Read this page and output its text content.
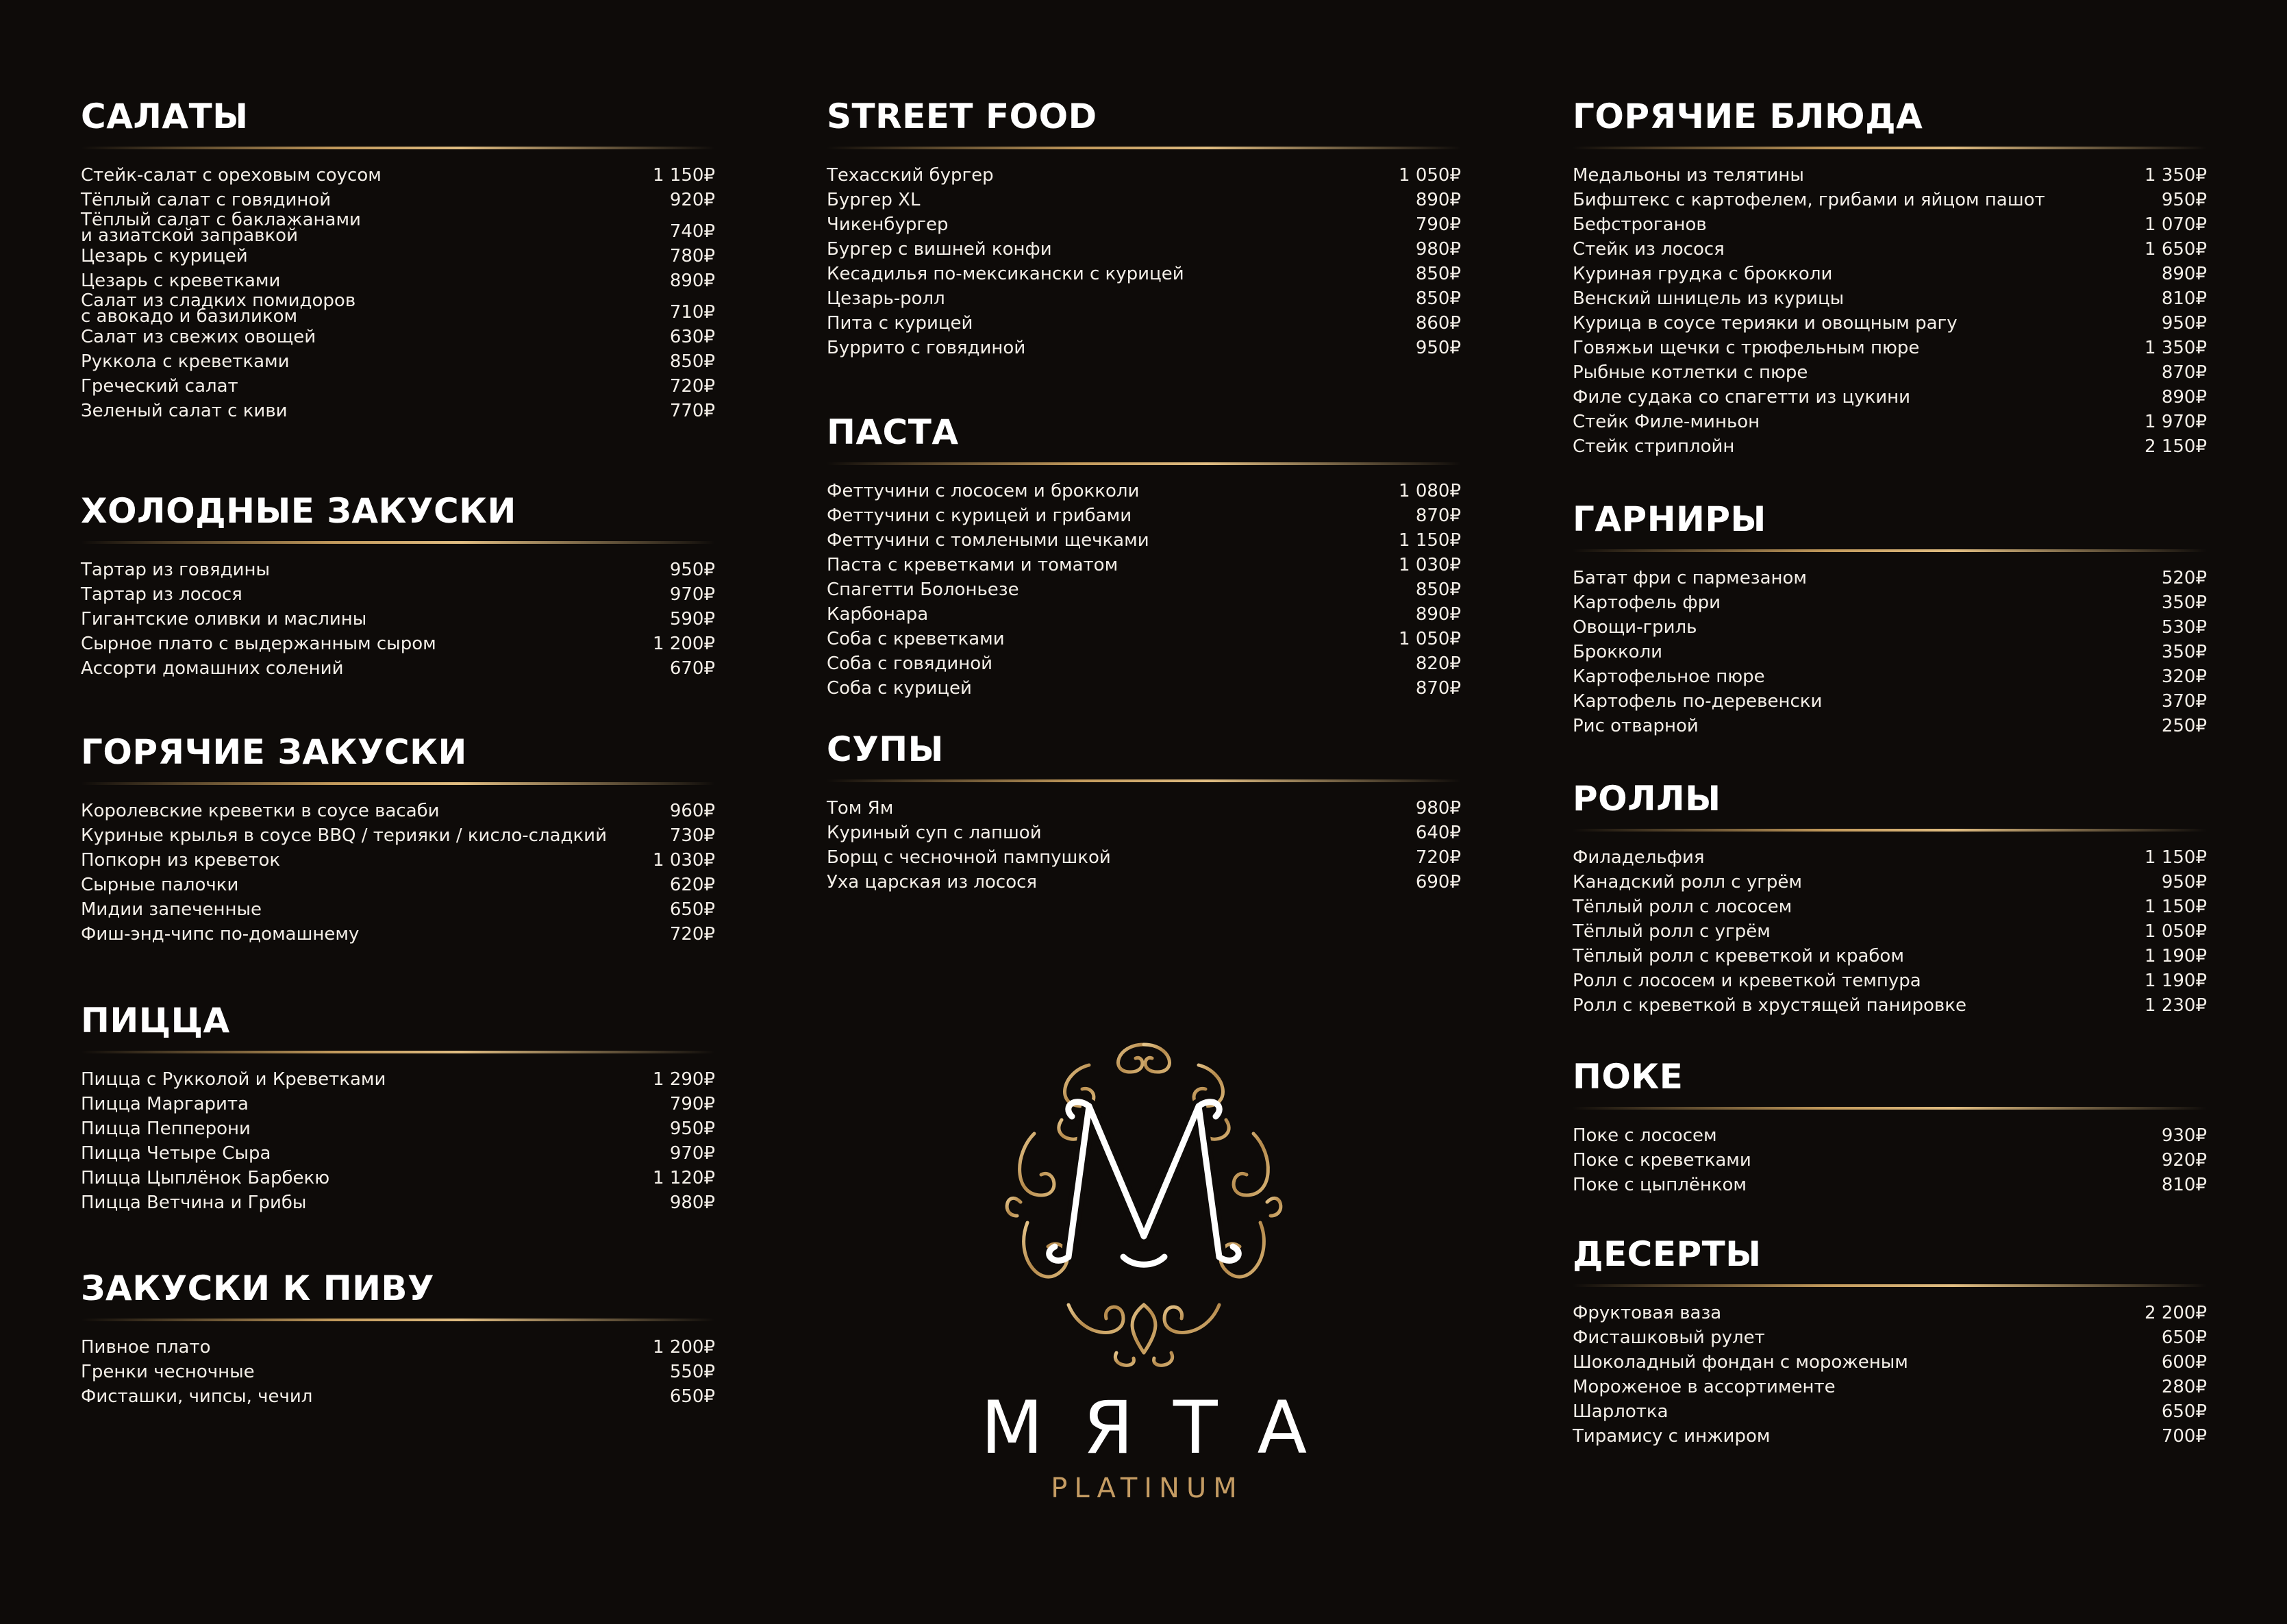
САЛАТЫ
Стейк-салат с ореховым соусом	1 150₽
Тёплый салат с говядиной	920₽
Тёплый салат с баклажанами
и азиатской заправкой	740₽
Цезарь с курицей	780₽
Цезарь с креветками	890₽
Салат из сладких помидоров
с авокадо и базиликом	710₽
Салат из свежих овощей	630₽
Руккола с креветками	850₽
Греческий салат	720₽
Зеленый салат с киви	770₽
ХОЛОДНЫЕ ЗАКУСКИ
Тартар из говядины	950₽
Тартар из лосося	970₽
Гигантские оливки и маслины	590₽
Сырное плато с выдержанным сыром	1 200₽
Ассорти домашних солений	670₽
ГОРЯЧИЕ ЗАКУСКИ
Королевские креветки в соусе васаби	960₽
Куриные крылья в соусе BBQ / терияки / кисло-сладкий	730₽
Попкорн из креветок	1 030₽
Сырные палочки	620₽
Мидии запеченные	650₽
Фиш-энд-чипс по-домашнему	720₽
ПИЦЦА
Пицца с Рукколой и Креветками	1 290₽
Пицца Маргарита	790₽
Пицца Пепперони	950₽
Пицца Четыре Сыра	970₽
Пицца Цыплёнок Барбекю	1 120₽
Пицца Ветчина и Грибы	980₽
ЗАКУСКИ К ПИВУ
Пивное плато	1 200₽
Гренки чесночные	550₽
Фисташки, чипсы, чечил	650₽
STREET FOOD
Техасский бургер	1 050₽
Бургер XL	890₽
Чикенбургер	790₽
Бургер с вишней конфи	980₽
Кесадилья по-мексикански с курицей	850₽
Цезарь-ролл	850₽
Пита с курицей	860₽
Буррито с говядиной	950₽
ПАСТА
Феттучини с лососем и брокколи	1 080₽
Феттучини с курицей и грибами	870₽
Феттучини с томлеными щечками	1 150₽
Паста с креветками и томатом	1 030₽
Спагетти Болоньезе	850₽
Карбонара	890₽
Соба с креветками	1 050₽
Соба с говядиной	820₽
Соба с курицей	870₽
СУПЫ
Том Ям	980₽
Куриный суп с лапшой	640₽
Борщ с чесночной пампушкой	720₽
Уха царская из лосося	690₽
ГОРЯЧИЕ БЛЮДА
Медальоны из телятины	1 350₽
Бифштекс с картофелем, грибами и яйцом пашот	950₽
Бефстроганов	1 070₽
Стейк из лосося	1 650₽
Куриная грудка с брокколи	890₽
Венский шницель из курицы	810₽
Курица в соусе терияки и овощным рагу	950₽
Говяжьи щечки с трюфельным пюре	1 350₽
Рыбные котлетки с пюре	870₽
Филе судака со спагетти из цукини	890₽
Стейк Филе-миньон	1 970₽
Стейк стриплойн	2 150₽
ГАРНИРЫ
Батат фри с пармезаном	520₽
Картофель фри	350₽
Овощи-гриль	530₽
Брокколи	350₽
Картофельное пюре	320₽
Картофель по-деревенски	370₽
Рис отварной	250₽
РОЛЛЫ
Филадельфия	1 150₽
Канадский ролл с угрём	950₽
Тёплый ролл с лососем	1 150₽
Тёплый ролл с угрём	1 050₽
Тёплый ролл с креветкой и крабом	1 190₽
Ролл с лососем и креветкой темпура	1 190₽
Ролл с креветкой в хрустящей панировке	1 230₽
ПОКЕ
Поке с лососем	930₽
Поке с креветками	920₽
Поке с цыплёнком	810₽
ДЕСЕРТЫ
Фруктовая ваза	2 200₽
Фисташковый рулет	650₽
Шоколадный фондан с мороженым	600₽
Мороженое в ассортименте	280₽
Шарлотка	650₽
Тирамису с инжиром	700₽
МЯТА
PLATINUM
